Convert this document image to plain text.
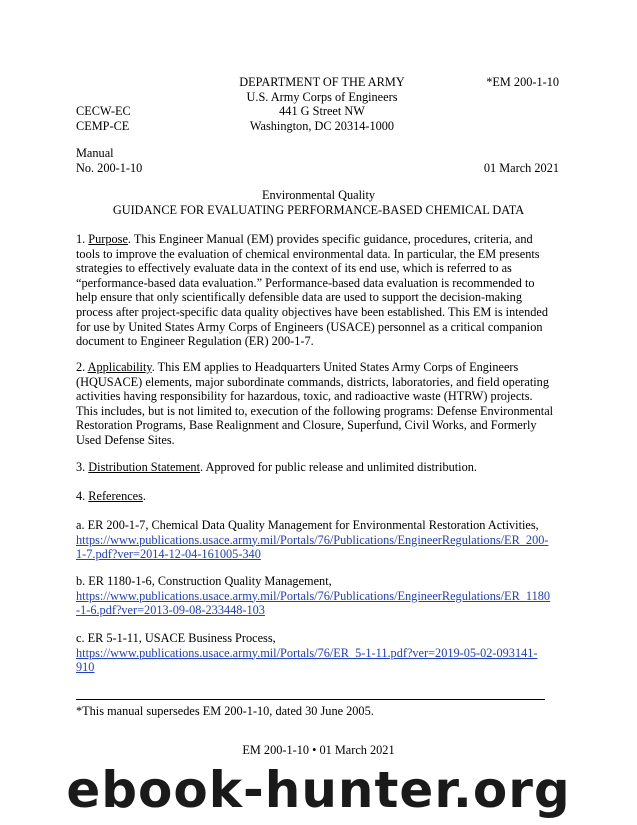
DEPARTMENT OF THE ARMY
U.S. Army Corps of Engineers
441 G Street NW
Washington, DC 20314-1000
*EM 200-1-10
CECW-EC
CEMP-CE
Manual
No. 200-1-10	01 March 2021
Environmental Quality
GUIDANCE FOR EVALUATING PERFORMANCE-BASED CHEMICAL DATA
1. Purpose. This Engineer Manual (EM) provides specific guidance, procedures, criteria, and
tools to improve the evaluation of chemical environmental data. In particular, the EM presents
strategies to effectively evaluate data in the context of its end use, which is referred to as
“performance-based data evaluation.” Performance-based data evaluation is recommended to
help ensure that only scientifically defensible data are used to support the decision-making
process after project-specific data quality objectives have been established. This EM is intended
for use by United States Army Corps of Engineers (USACE) personnel as a critical companion
document to Engineer Regulation (ER) 200-1-7.
2. Applicability. This EM applies to Headquarters United States Army Corps of Engineers
(HQUSACE) elements, major subordinate commands, districts, laboratories, and field operating
activities having responsibility for hazardous, toxic, and radioactive waste (HTRW) projects.
This includes, but is not limited to, execution of the following programs: Defense Environmental
Restoration Programs, Base Realignment and Closure, Superfund, Civil Works, and Formerly
Used Defense Sites.
3. Distribution Statement. Approved for public release and unlimited distribution.
4. References.
a. ER 200-1-7, Chemical Data Quality Management for Environmental Restoration Activities,
https://www.publications.usace.army.mil/Portals/76/Publications/EngineerRegulations/ER_200-
1-7.pdf?ver=2014-12-04-161005-340
b. ER 1180-1-6, Construction Quality Management,
https://www.publications.usace.army.mil/Portals/76/Publications/EngineerRegulations/ER_1180
-1-6.pdf?ver=2013-09-08-233448-103
c. ER 5-1-11, USACE Business Process,
https://www.publications.usace.army.mil/Portals/76/ER_5-1-11.pdf?ver=2019-05-02-093141-
910
*This manual supersedes EM 200-1-10, dated 30 June 2005.
EM 200-1-10 • 01 March 2021
ebook-hunter.org
